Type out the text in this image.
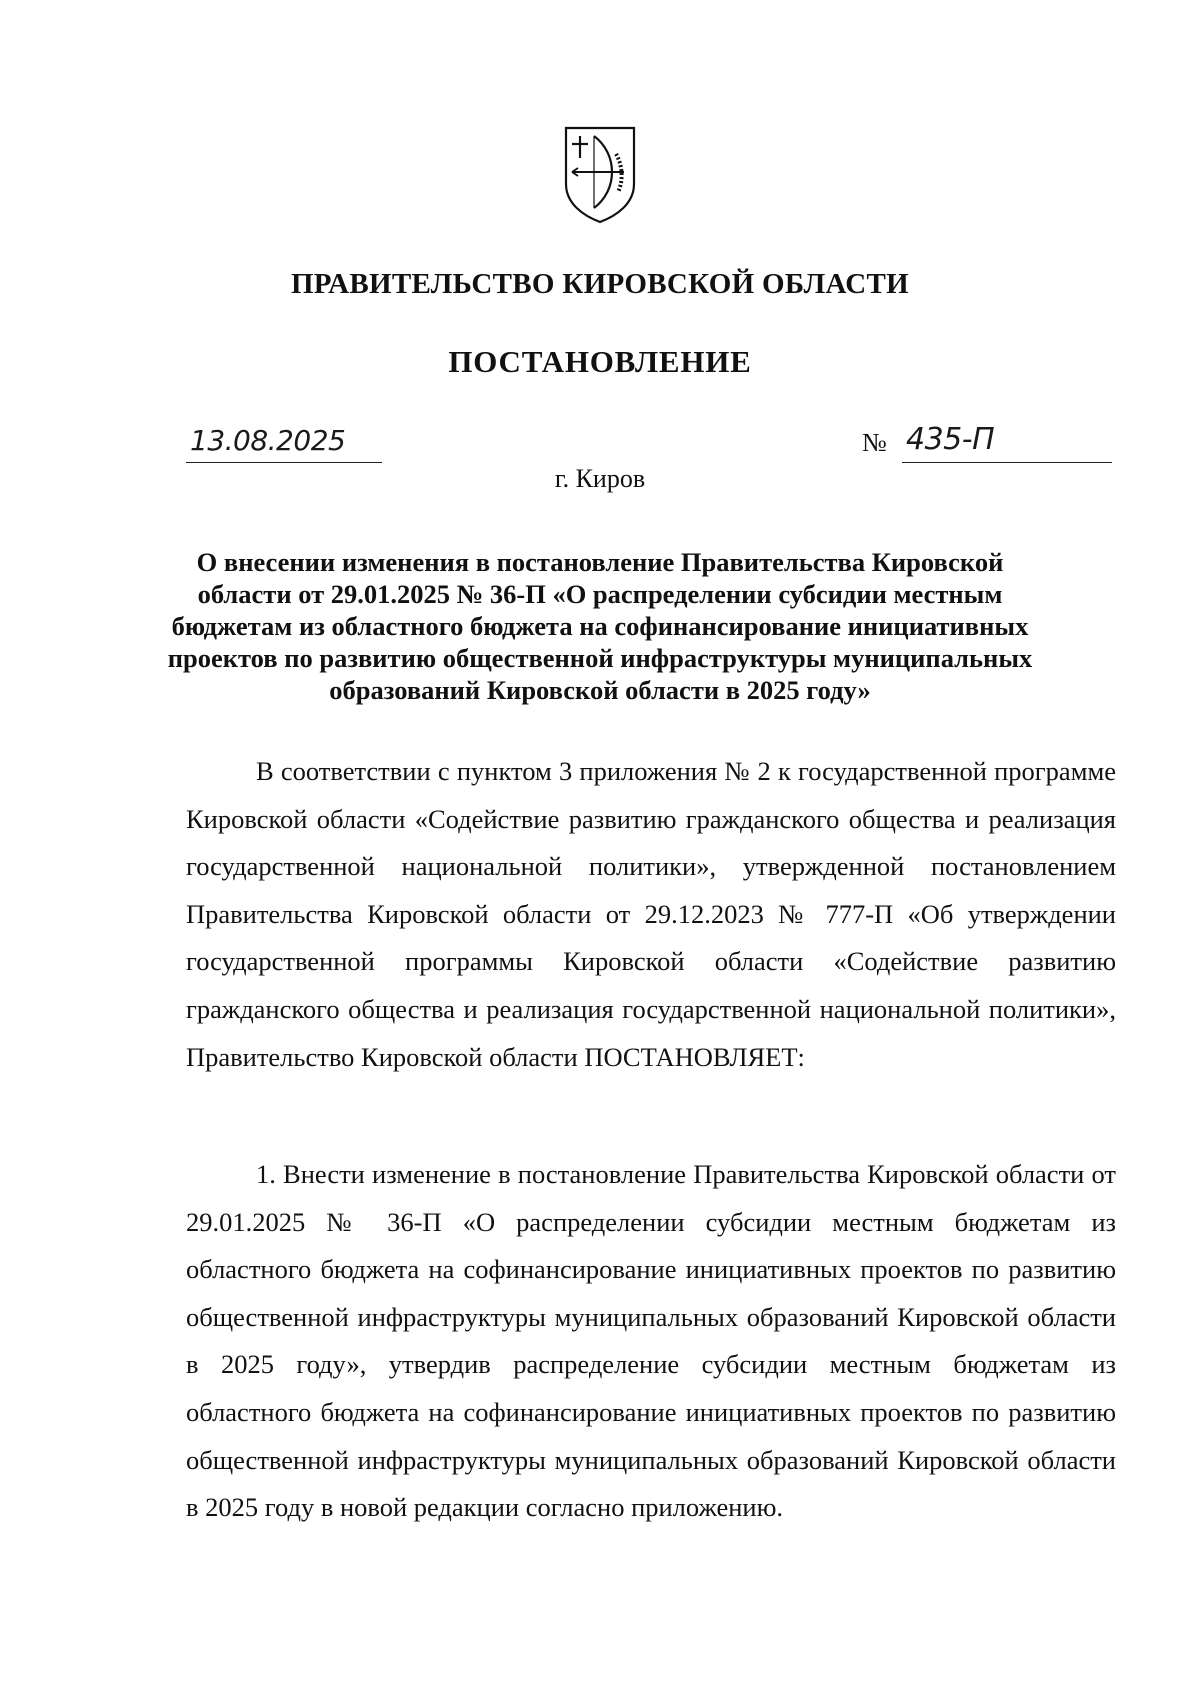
ПРАВИТЕЛЬСТВО КИРОВСКОЙ ОБЛАСТИ
ПОСТАНОВЛЕНИЕ
13.08.2025	№ 435-П
г. Киров
О внесении изменения в постановление Правительства Кировской области от 29.01.2025 № 36-П «О распределении субсидии местным бюджетам из областного бюджета на софинансирование инициативных проектов по развитию общественной инфраструктуры муниципальных образований Кировской области в 2025 году»
В соответствии с пунктом 3 приложения № 2 к государственной программе Кировской области «Содействие развитию гражданского общества и реализация государственной национальной политики», утвержденной постановлением Правительства Кировской области от 29.12.2023 № 777-П «Об утверждении государственной программы Кировской области «Содействие развитию гражданского общества и реализация государственной национальной политики», Правительство Кировской области ПОСТАНОВЛЯЕТ:
1. Внести изменение в постановление Правительства Кировской области от 29.01.2025 № 36-П «О распределении субсидии местным бюджетам из областного бюджета на софинансирование инициативных проектов по развитию общественной инфраструктуры муниципальных образований Кировской области в 2025 году», утвердив распределение субсидии местным бюджетам из областного бюджета на софинансирование инициативных проектов по развитию общественной инфраструктуры муниципальных образований Кировской области в 2025 году в новой редакции согласно приложению.
